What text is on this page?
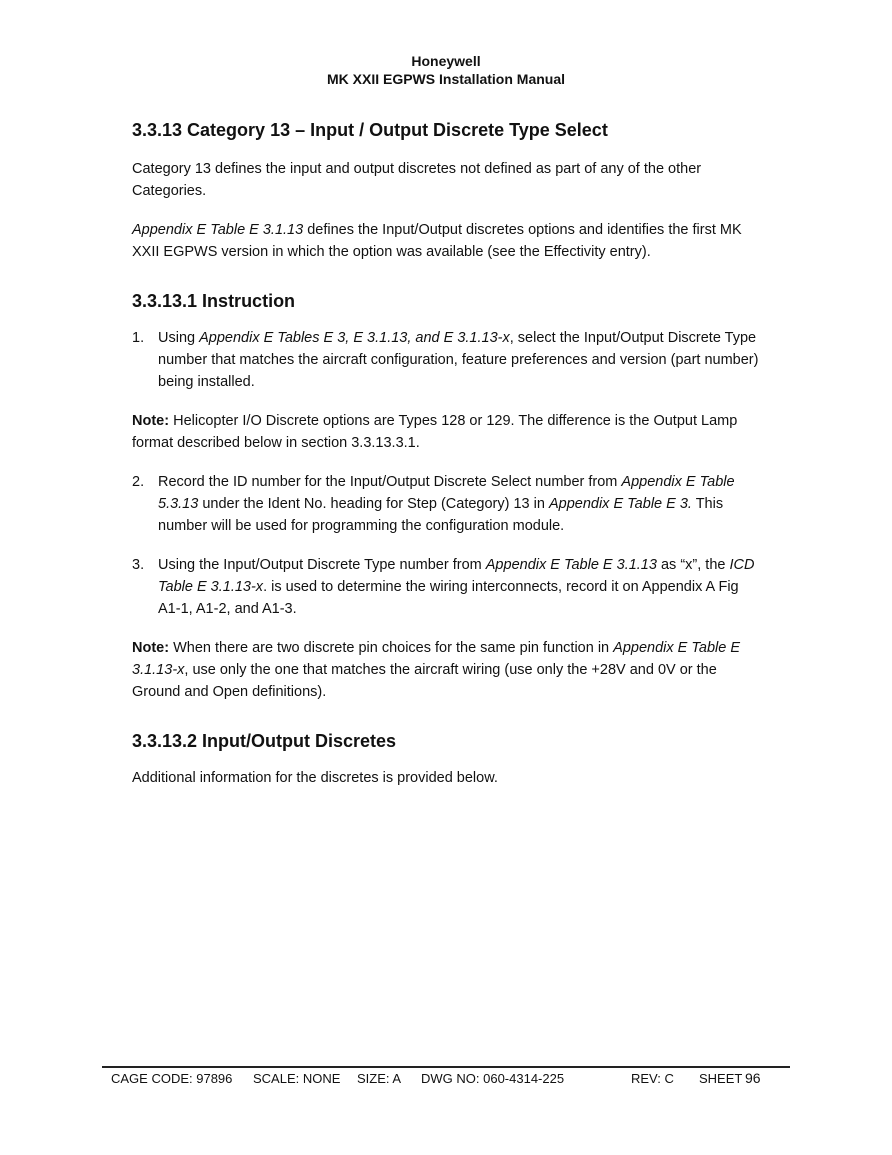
Honeywell
MK XXII EGPWS Installation Manual
3.3.13 Category 13 – Input / Output Discrete Type Select

Category 13 defines the input and output discretes not defined as part of any of the other Categories.

Appendix E Table E 3.1.13 defines the Input/Output discretes options and identifies the first MK XXII EGPWS version in which the option was available (see the Effectivity entry).

3.3.13.1 Instruction
1. Using Appendix E Tables E 3, E 3.1.13, and E 3.1.13-x, select the Input/Output Discrete Type number that matches the aircraft configuration, feature preferences and version (part number) being installed.

Note: Helicopter I/O Discrete options are Types 128 or 129. The difference is the Output Lamp format described below in section 3.3.13.3.1.

2. Record the ID number for the Input/Output Discrete Select number from Appendix E Table 5.3.13 under the Ident No. heading for Step (Category) 13 in Appendix E Table E 3. This number will be used for programming the configuration module.
3. Using the Input/Output Discrete Type number from Appendix E Table E 3.1.13 as “x”, the ICD Table E 3.1.13-x. is used to determine the wiring interconnects, record it on Appendix A Fig A1-1, A1-2, and A1-3.

Note: When there are two discrete pin choices for the same pin function in Appendix E Table E 3.1.13-x, use only the one that matches the aircraft wiring (use only the +28V and 0V or the Ground and Open definitions).

3.3.13.2 Input/Output Discretes

Additional information for the discretes is provided below.

CAGE CODE: 97896 SCALE: NONE SIZE: A DWG NO: 060-4314-225	REV: C SHEET 96
